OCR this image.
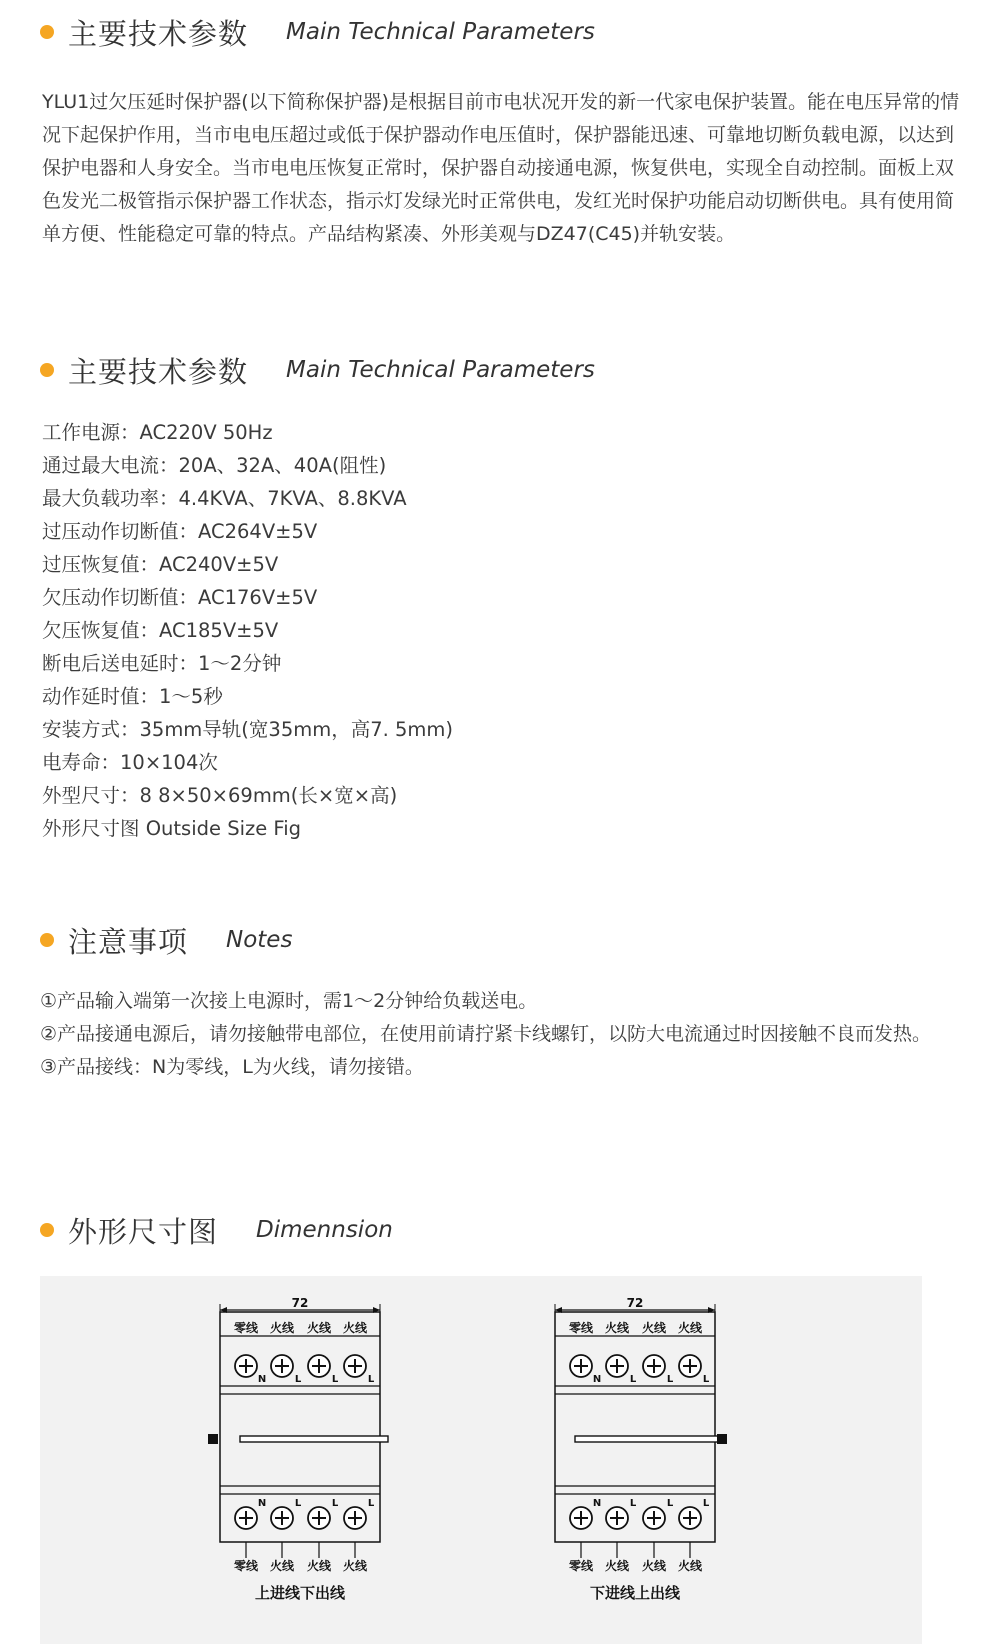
主要技术参数 Main Technical Parameters

YLU1过欠压延时保护器(以下简称保护器)是根据目前市电状况开发的新一代家电保护装置。能在电压异常的情况下起保护作用，当市电电压超过或低于保护器动作电压值时，保护器能迅速、可靠地切断负载电源，以达到保护电器和人身安全。当市电电压恢复正常时，保护器自动接通电源，恢复供电，实现全自动控制。面板上双色发光二极管指示保护器工作状态，指示灯发绿光时正常供电，发红光时保护功能启动切断供电。具有使用简单方便、性能稳定可靠的特点。产品结构紧凑、外形美观与DZ47(C45)并轨安装。

主要技术参数 Main Technical Parameters
工作电源：AC220V 50Hz
通过最大电流：20A、32A、40A(阻性)
最大负载功率：4.4KVA、7KVA、8.8KVA
过压动作切断值：AC264V±5V
过压恢复值：AC240V±5V
欠压动作切断值：AC176V±5V
欠压恢复值：AC185V±5V
断电后送电延时：1～2分钟
动作延时值：1～5秒
安装方式：35mm导轨(宽35mm，高7. 5mm)
电寿命：10×104次
外型尺寸：8 8×50×69mm(长×宽×高)
外形尺寸图 Outside Size Fig
注意事项 Notes
①产品输入端第一次接上电源时，需1～2分钟给负载送电。
②产品接通电源后，请勿接触带电部位，在使用前请拧紧卡线螺钉，以防大电流通过时因接触不良而发热。
③产品接线：N为零线，L为火线，请勿接错。
外形尺寸图 Dimennsion
72
零线
N
N
零线
火线
L
L
火线
火线
L
L
火线
火线
L
L
火线
上进线下出线
72
零线
N
N
零线
火线
L
L
火线
火线
L
L
火线
火线
L
L
火线
下进线上出线
